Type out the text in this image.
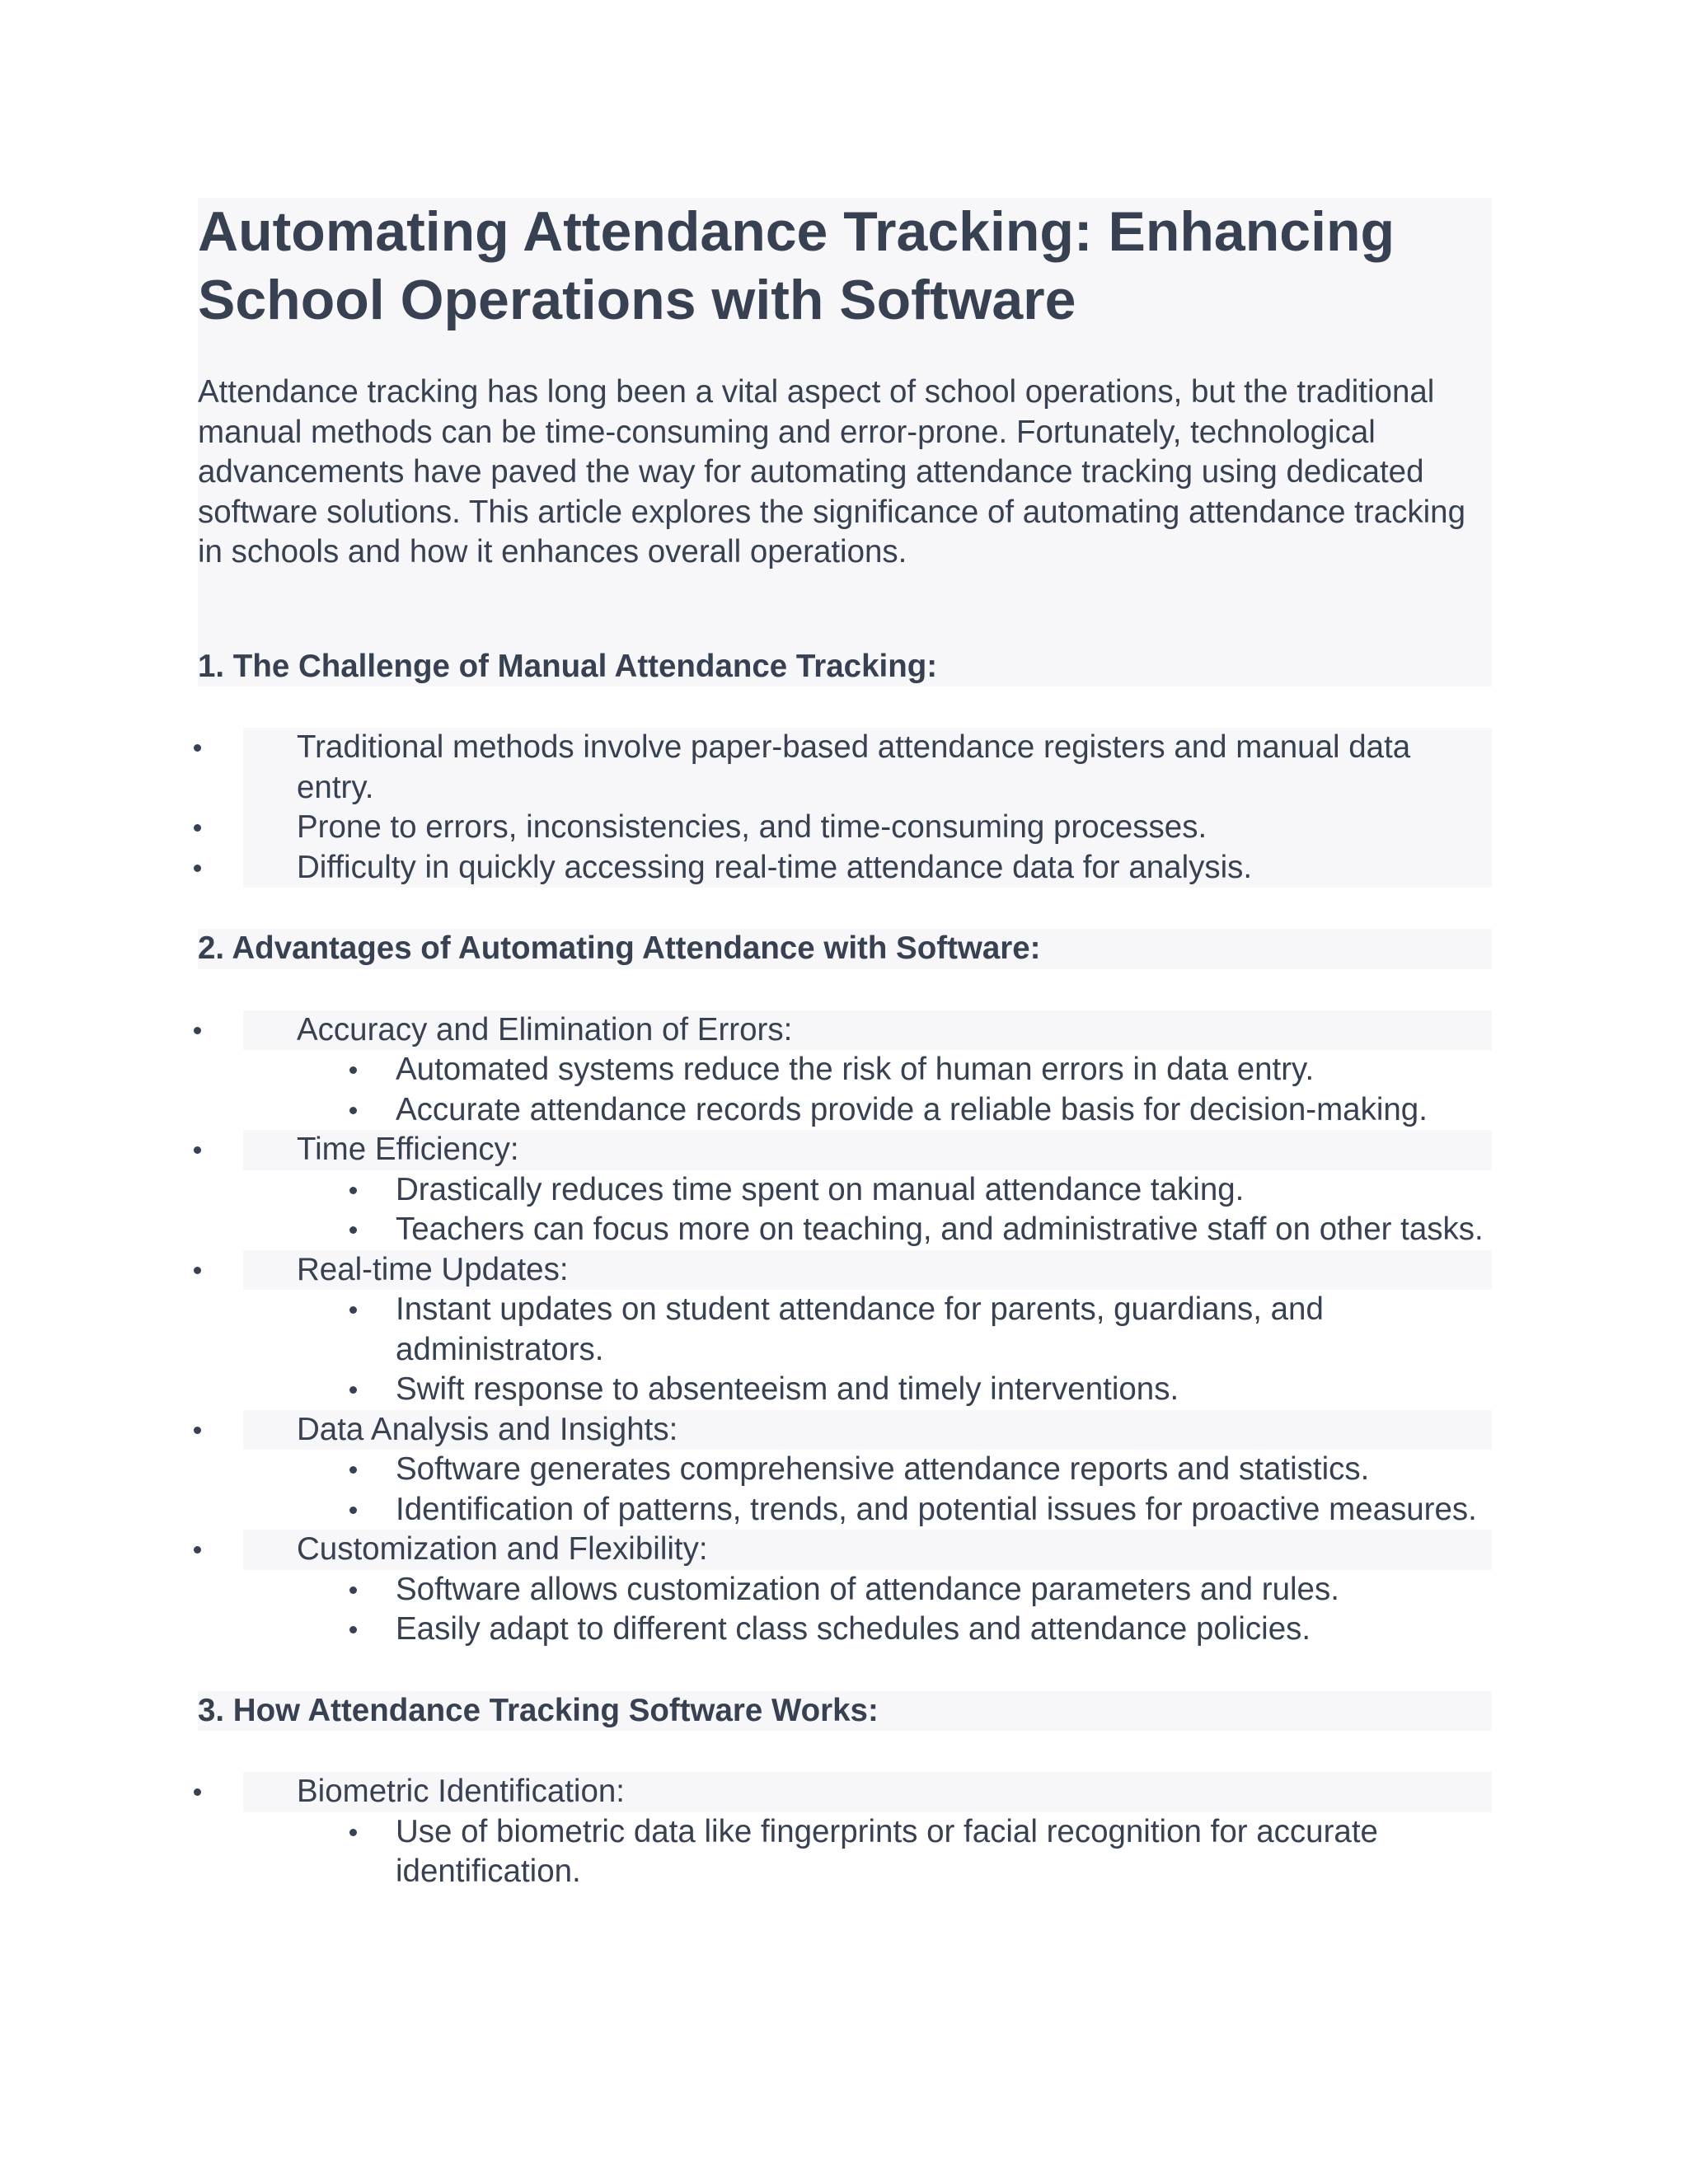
Automating Attendance Tracking: Enhancing School Operations with Software

Attendance tracking has long been a vital aspect of school operations, but the traditional manual methods can be time-consuming and error-prone. Fortunately, technological advancements have paved the way for automating attendance tracking using dedicated software solutions. This article explores the significance of automating attendance tracking in schools and how it enhances overall operations.

1. The Challenge of Manual Attendance Tracking:
Traditional methods involve paper-based attendance registers and manual data entry.
Prone to errors, inconsistencies, and time-consuming processes.
Difficulty in quickly accessing real-time attendance data for analysis.
2. Advantages of Automating Attendance with Software:
Accuracy and Elimination of Errors:
Automated systems reduce the risk of human errors in data entry.
Accurate attendance records provide a reliable basis for decision-making.
Time Efficiency:
Drastically reduces time spent on manual attendance taking.
Teachers can focus more on teaching, and administrative staff on other tasks.
Real-time Updates:
Instant updates on student attendance for parents, guardians, and administrators.
Swift response to absenteeism and timely interventions.
Data Analysis and Insights:
Software generates comprehensive attendance reports and statistics.
Identification of patterns, trends, and potential issues for proactive measures.
Customization and Flexibility:
Software allows customization of attendance parameters and rules.
Easily adapt to different class schedules and attendance policies.
3. How Attendance Tracking Software Works:
Biometric Identification:
Use of biometric data like fingerprints or facial recognition for accurate identification.
